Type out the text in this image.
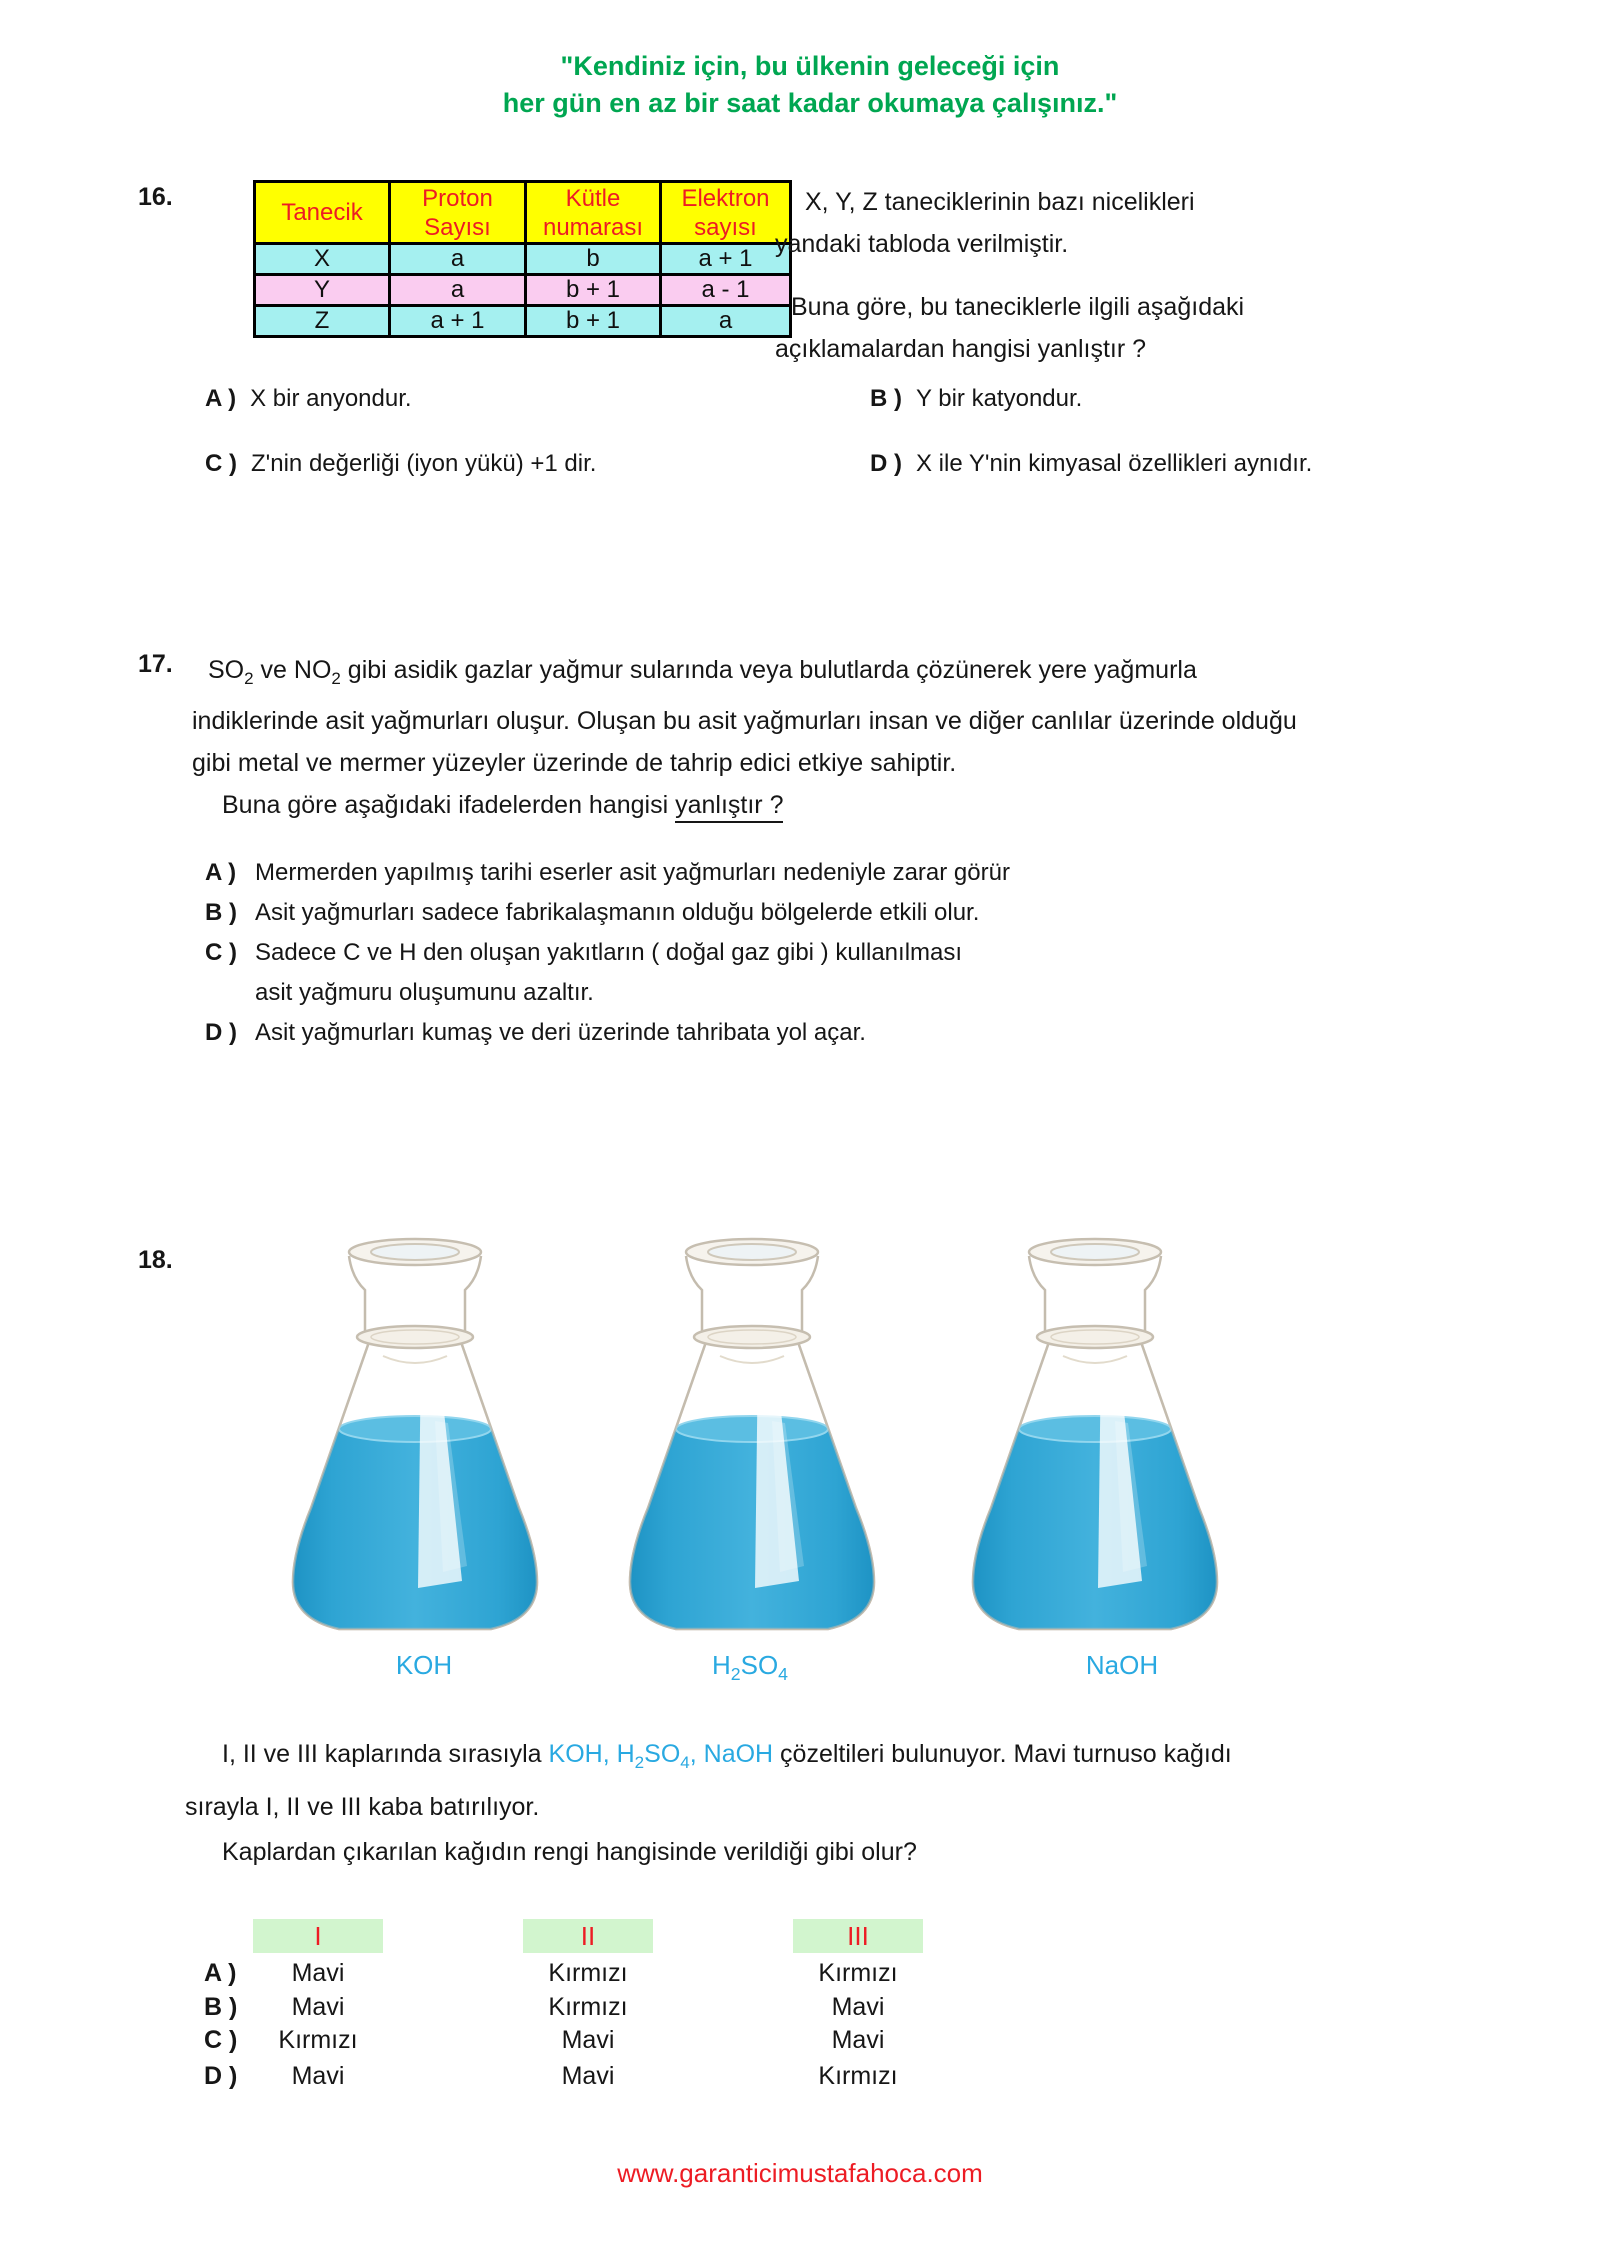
"Kendiniz için, bu ülkenin geleceği için
her gün en az bir saat kadar okumaya çalışınız."
16.
Tanecik	Proton Sayısı	Kütle numarası	Elektron sayısı
X	a	b	a + 1
Y	a	b + 1	a - 1
Z	a + 1	b + 1	a
X, Y, Z taneciklerinin bazı nicelikleri
yandaki tabloda verilmiştir.
Buna göre, bu taneciklerle ilgili aşağıdaki
açıklamalardan hangisi yanlıştır ?
A ) X bir anyondur.	B ) Y bir katyondur.
C ) Z'nin değerliği (iyon yükü) +1 dir.	D ) X ile Y'nin kimyasal özellikleri aynıdır.
17.	$SO_2$ ve $NO_2$ gibi asidik gazlar yağmur sularında veya bulutlarda çözünerek yere yağmurla
indiklerinde asit yağmurları oluşur. Oluşan bu asit yağmurları insan ve diğer canlılar üzerinde olduğu
gibi metal ve mermer yüzeyler üzerinde de tahrip edici etkiye sahiptir.
Buna göre aşağıdaki ifadelerden hangisi yanlıştır ?
A ) Mermerden yapılmış tarihi eserler asit yağmurları nedeniyle zarar görür
B ) Asit yağmurları sadece fabrikalaşmanın olduğu bölgelerde etkili olur.
C ) Sadece C ve H den oluşan yakıtların ( doğal gaz gibi ) kullanılması
asit yağmuru oluşumunu azaltır.
D ) Asit yağmurları kumaş ve deri üzerinde tahribata yol açar.
18.
KOH	$H_2SO_4$	NaOH
I, II ve III kaplarında sırasıyla KOH, $H_2SO_4$, NaOH çözeltileri bulunuyor. Mavi turnuso kağıdı
sırayla I, II ve III kaba batırılıyor.
Kaplardan çıkarılan kağıdın rengi hangisinde verildiği gibi olur?
I	II	III
A )	Mavi	Kırmızı	Kırmızı
B )	Mavi	Kırmızı	Mavi
C )	Kırmızı	Mavi	Mavi
D )	Mavi	Mavi	Kırmızı
www.garanticimustafahoca.com
